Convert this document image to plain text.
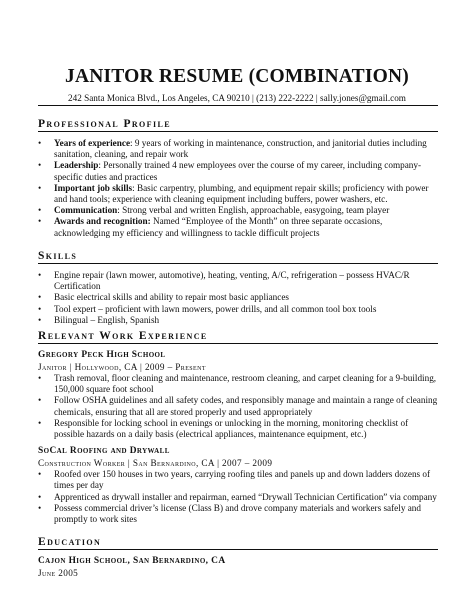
JANITOR RESUME (COMBINATION)
242 Santa Monica Blvd., Los Angeles, CA 90210 | (213) 222-2222 | sally.jones@gmail.com
Professional Profile
• Years of experience: 9 years of working in maintenance, construction, and janitorial duties including sanitation, cleaning, and repair work
• Leadership: Personally trained 4 new employees over the course of my career, including company-specific duties and practices
• Important job skills: Basic carpentry, plumbing, and equipment repair skills; proficiency with power and hand tools; experience with cleaning equipment including buffers, power washers, etc.
• Communication: Strong verbal and written English, approachable, easygoing, team player
• Awards and recognition: Named “Employee of the Month” on three separate occasions, acknowledging my efficiency and willingness to tackle difficult projects
Skills
• Engine repair (lawn mower, automotive), heating, venting, A/C, refrigeration – possess HVAC/R Certification
• Basic electrical skills and ability to repair most basic appliances
• Tool expert – proficient with lawn mowers, power drills, and all common tool box tools
• Bilingual – English, Spanish
Relevant Work Experience
Gregory Peck High School
Janitor | Hollywood, CA | 2009 – Present
• Trash removal, floor cleaning and maintenance, restroom cleaning, and carpet cleaning for a 9-building, 150,000 square foot school
• Follow OSHA guidelines and all safety codes, and responsibly manage and maintain a range of cleaning chemicals, ensuring that all are stored properly and used appropriately
• Responsible for locking school in evenings or unlocking in the morning, monitoring checklist of possible hazards on a daily basis (electrical appliances, maintenance equipment, etc.)
SoCal Roofing and Drywall
Construction Worker | San Bernardino, CA | 2007 – 2009
• Roofed over 150 houses in two years, carrying roofing tiles and panels up and down ladders dozens of times per day
• Apprenticed as drywall installer and repairman, earned “Drywall Technician Certification” via company
• Possess commercial driver’s license (Class B) and drove company materials and workers safely and promptly to work sites
Education
Cajon High School, San Bernardino, CA
June 2005
